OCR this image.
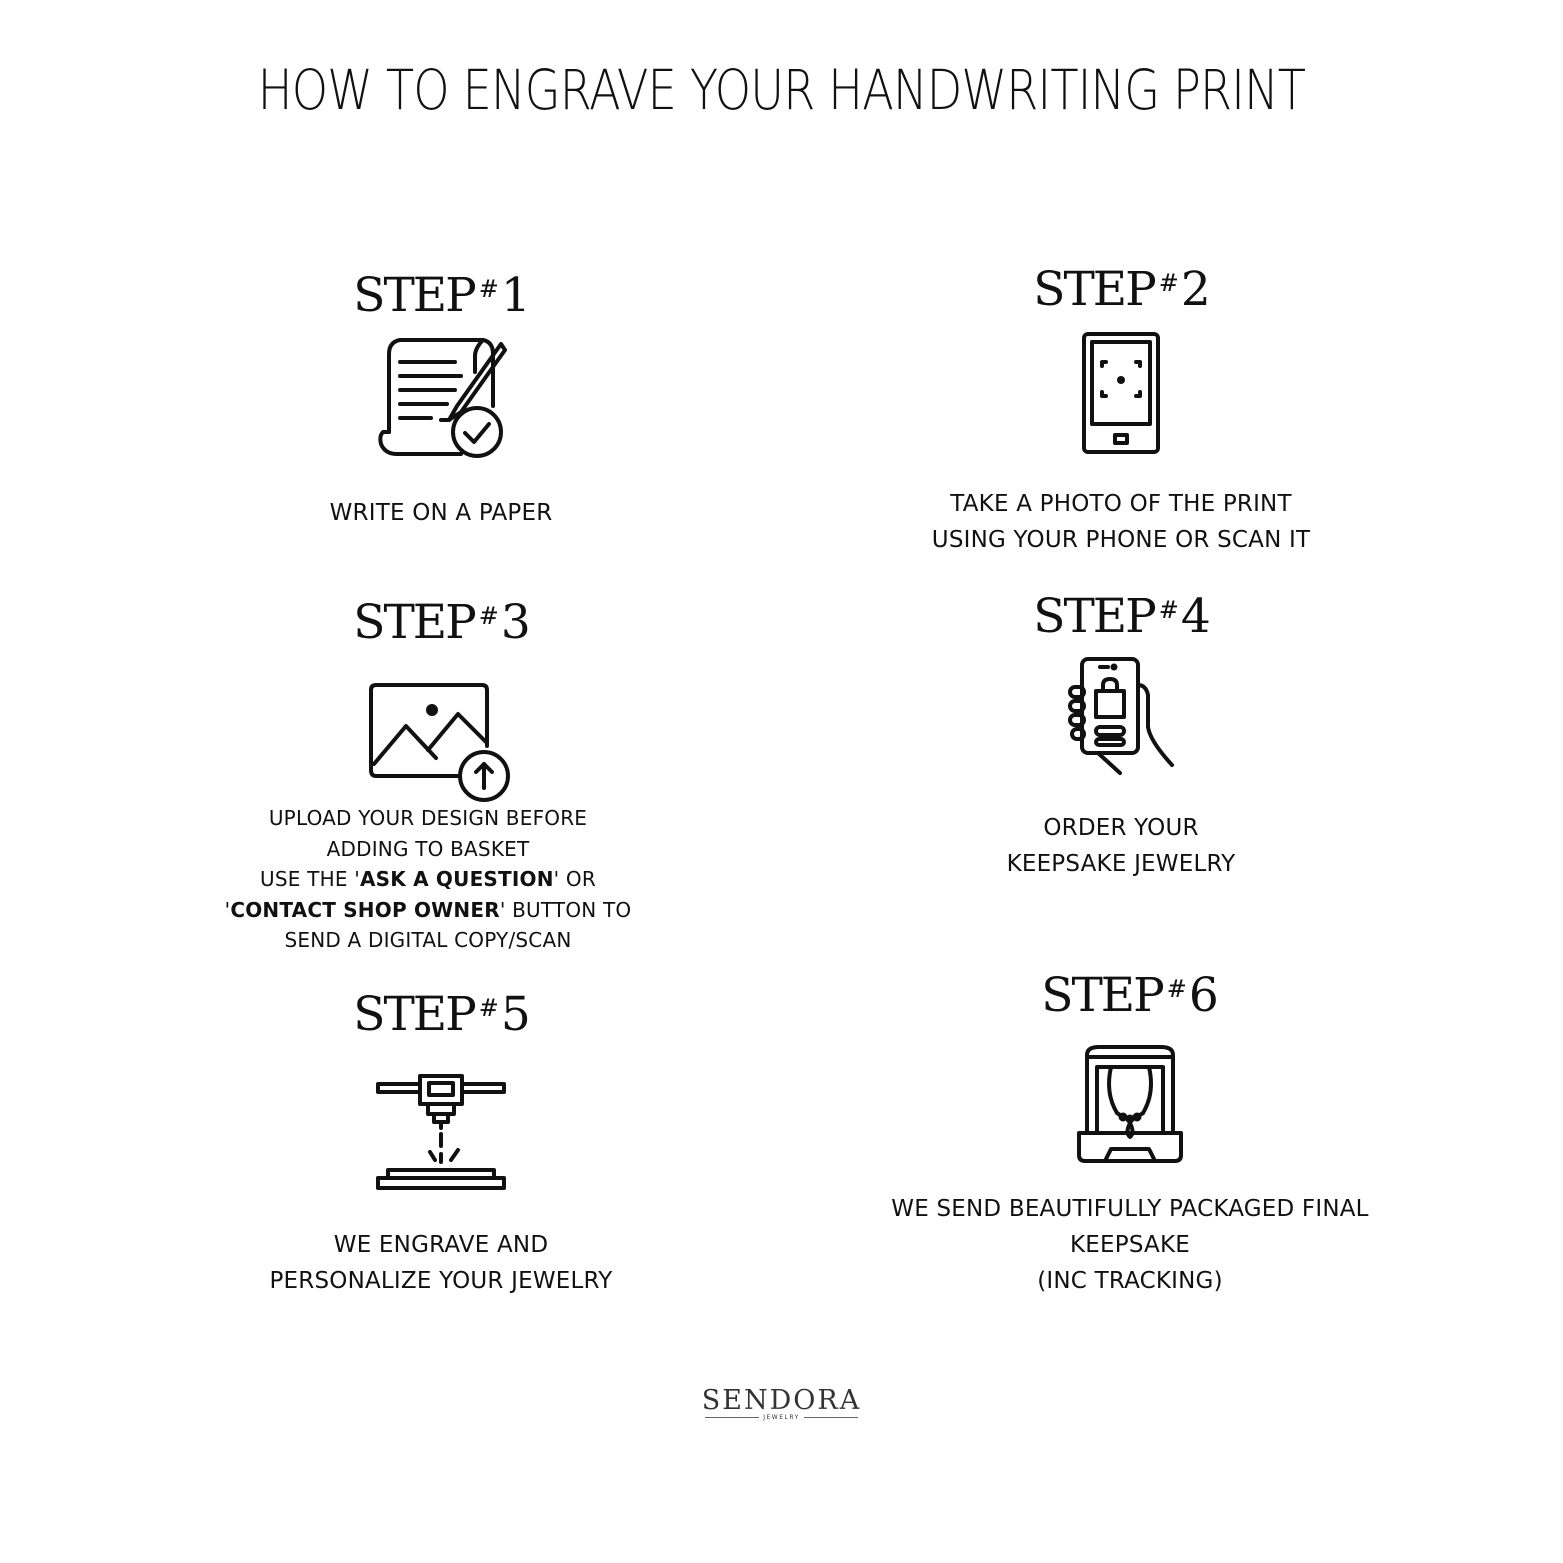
HOW TO ENGRAVE YOUR HANDWRITING PRINT
STEP #1
WRITE ON A PAPER
STEP #2
TAKE A PHOTO OF THE PRINT
USING YOUR PHONE OR SCAN IT
STEP #3
UPLOAD YOUR DESIGN BEFORE
ADDING TO BASKET
USE THE 'ASK A QUESTION' OR
'CONTACT SHOP OWNER' BUTTON TO
SEND A DIGITAL COPY/SCAN
STEP #4
ORDER YOUR
KEEPSAKE JEWELRY
STEP #5
WE ENGRAVE AND
PERSONALIZE YOUR JEWELRY
STEP #6
WE SEND BEAUTIFULLY PACKAGED FINAL
KEEPSAKE
(INC TRACKING)
SENDORA
JEWELRY
